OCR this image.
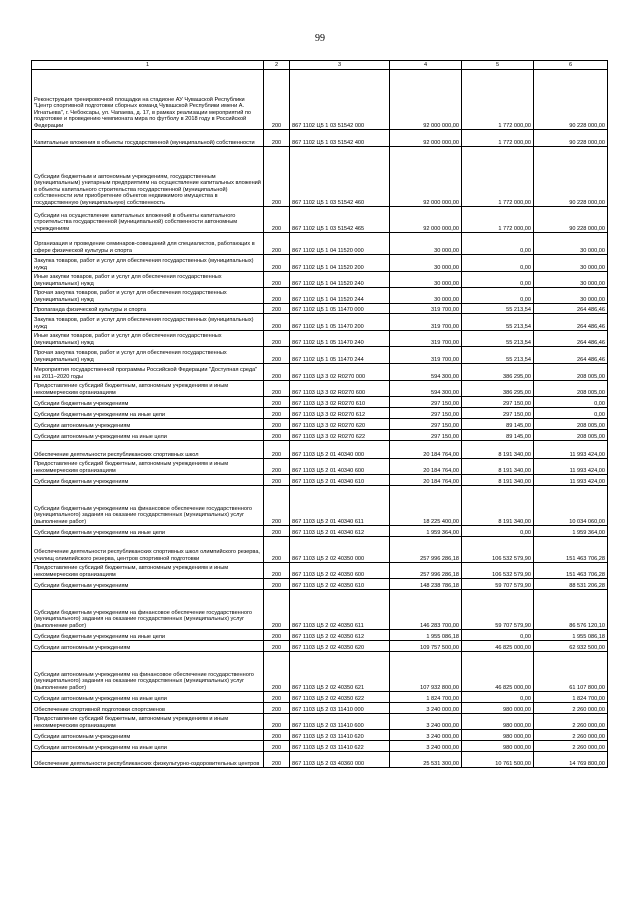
99
1	2	3	4	5	6
Реконструкция тренировочной площадки на стадионе АУ Чувашской Республики "Центр спортивной подготовки сборных команд Чувашской Республики имени А. Игнатьева", г. Чебоксары, ул. Чапаева, д. 17, в рамках реализации мероприятий по подготовке и проведению чемпионата мира по футболу в 2018 году в Российской Федерации	200	867 1102 Ц5 1 03 51542 000	92 000 000,00	1 772 000,00	90 228 000,00
Капитальные вложения в объекты государственной (муниципальной) собственности	200	867 1102 Ц5 1 03 51542 400	92 000 000,00	1 772 000,00	90 228 000,00
Субсидии бюджетным и автономным учреждениям, государственным (муниципальным) унитарным предприятиям на осуществление капитальных вложений в объекты капитального строительства государственной (муниципальной) собственности или приобретение объектов недвижимого имущества в государственную (муниципальную) собственность	200	867 1102 Ц5 1 03 51542 460	92 000 000,00	1 772 000,00	90 228 000,00
Субсидии на осуществление капитальных вложений в объекты капитального строительства государственной (муниципальной) собственности автономным учреждениям	200	867 1102 Ц5 1 03 51542 465	92 000 000,00	1 772 000,00	90 228 000,00
Организация и проведение семинаров-совещаний для специалистов, работающих в сфере физической культуры и спорта	200	867 1102 Ц5 1 04 11520 000	30 000,00	0,00	30 000,00
Закупка товаров, работ и услуг для обеспечения государственных (муниципальных) нужд	200	867 1102 Ц5 1 04 11520 200	30 000,00	0,00	30 000,00
Иные закупки товаров, работ и услуг для обеспечения государственных (муниципальных) нужд	200	867 1102 Ц5 1 04 11520 240	30 000,00	0,00	30 000,00
Прочая закупка товаров, работ и услуг для обеспечения государственных (муниципальных) нужд	200	867 1102 Ц5 1 04 11520 244	30 000,00	0,00	30 000,00
Пропаганда физической культуры и спорта	200	867 1102 Ц5 1 05 11470 000	319 700,00	55 213,54	264 486,46
Закупка товаров, работ и услуг для обеспечения государственных (муниципальных) нужд	200	867 1102 Ц5 1 05 11470 200	319 700,00	55 213,54	264 486,46
Иные закупки товаров, работ и услуг для обеспечения государственных (муниципальных) нужд	200	867 1102 Ц5 1 05 11470 240	319 700,00	55 213,54	264 486,46
Прочая закупка товаров, работ и услуг для обеспечения государственных (муниципальных) нужд	200	867 1102 Ц5 1 05 11470 244	319 700,00	55 213,54	264 486,46
Мероприятия государственной программы Российской Федерации "Доступная среда" на 2011–2020 годы	200	867 1103 Ц3 3 02 R0270 000	594 300,00	386 295,00	208 005,00
Предоставление субсидий бюджетным, автономным учреждениям и иным некоммерческим организациям	200	867 1103 Ц3 3 02 R0270 600	594 300,00	386 295,00	208 005,00
Субсидии бюджетным учреждениям	200	867 1103 Ц3 3 02 R0270 610	297 150,00	297 150,00	0,00
Субсидии бюджетным учреждениям на иные цели	200	867 1103 Ц3 3 02 R0270 612	297 150,00	297 150,00	0,00
Субсидии автономным учреждениям	200	867 1103 Ц3 3 02 R0270 620	297 150,00	89 145,00	208 005,00
Субсидии автономным учреждениям на иные цели	200	867 1103 Ц3 3 02 R0270 622	297 150,00	89 145,00	208 005,00
Обеспечение деятельности республиканских спортивных школ	200	867 1103 Ц5 2 01 40340 000	20 184 764,00	8 191 340,00	11 993 424,00
Предоставление субсидий бюджетным, автономным учреждениям и иным некоммерческим организациям	200	867 1103 Ц5 2 01 40340 600	20 184 764,00	8 191 340,00	11 993 424,00
Субсидии бюджетным учреждениям	200	867 1103 Ц5 2 01 40340 610	20 184 764,00	8 191 340,00	11 993 424,00
Субсидии бюджетным учреждениям на финансовое обеспечение государственного (муниципального) задания на оказание государственных (муниципальных) услуг (выполнение работ)	200	867 1103 Ц5 2 01 40340 611	18 225 400,00	8 191 340,00	10 034 060,00
Субсидии бюджетным учреждениям на иные цели	200	867 1103 Ц5 2 01 40340 612	1 959 364,00	0,00	1 959 364,00
Обеспечение деятельности республиканских спортивных школ олимпийского резерва, училищ олимпийского резерва, центров спортивной подготовки	200	867 1103 Ц5 2 02 40350 000	257 996 286,18	106 532 579,90	151 463 706,28
Предоставление субсидий бюджетным, автономным учреждениям и иным некоммерческим организациям	200	867 1103 Ц5 2 02 40350 600	257 996 286,18	106 532 579,90	151 463 706,28
Субсидии бюджетным учреждениям	200	867 1103 Ц5 2 02 40350 610	148 238 786,18	59 707 579,90	88 531 206,28
Субсидии бюджетным учреждениям на финансовое обеспечение государственного (муниципального) задания на оказание государственных (муниципальных) услуг (выполнение работ)	200	867 1103 Ц5 2 02 40350 611	146 283 700,00	59 707 579,90	86 576 120,10
Субсидии бюджетным учреждениям на иные цели	200	867 1103 Ц5 2 02 40350 612	1 955 086,18	0,00	1 955 086,18
Субсидии автономным учреждениям	200	867 1103 Ц5 2 02 40350 620	109 757 500,00	46 825 000,00	62 932 500,00
Субсидии автономным учреждениям на финансовое обеспечение государственного (муниципального) задания на оказание государственных (муниципальных) услуг (выполнение работ)	200	867 1103 Ц5 2 02 40350 621	107 932 800,00	46 825 000,00	61 107 800,00
Субсидии автономным учреждениям на иные цели	200	867 1103 Ц5 2 02 40350 622	1 824 700,00	0,00	1 824 700,00
Обеспечение спортивной подготовки спортсменов	200	867 1103 Ц5 2 03 11410 000	3 240 000,00	980 000,00	2 260 000,00
Предоставление субсидий бюджетным, автономным учреждениям и иным некоммерческим организациям	200	867 1103 Ц5 2 03 11410 600	3 240 000,00	980 000,00	2 260 000,00
Субсидии автономным учреждениям	200	867 1103 Ц5 2 03 11410 620	3 240 000,00	980 000,00	2 260 000,00
Субсидии автономным учреждениям на иные цели	200	867 1103 Ц5 2 03 11410 622	3 240 000,00	980 000,00	2 260 000,00
Обеспечение деятельности республиканских физкультурно-оздоровительных центров	200	867 1103 Ц5 2 03 40360 000	25 531 300,00	10 761 500,00	14 769 800,00
